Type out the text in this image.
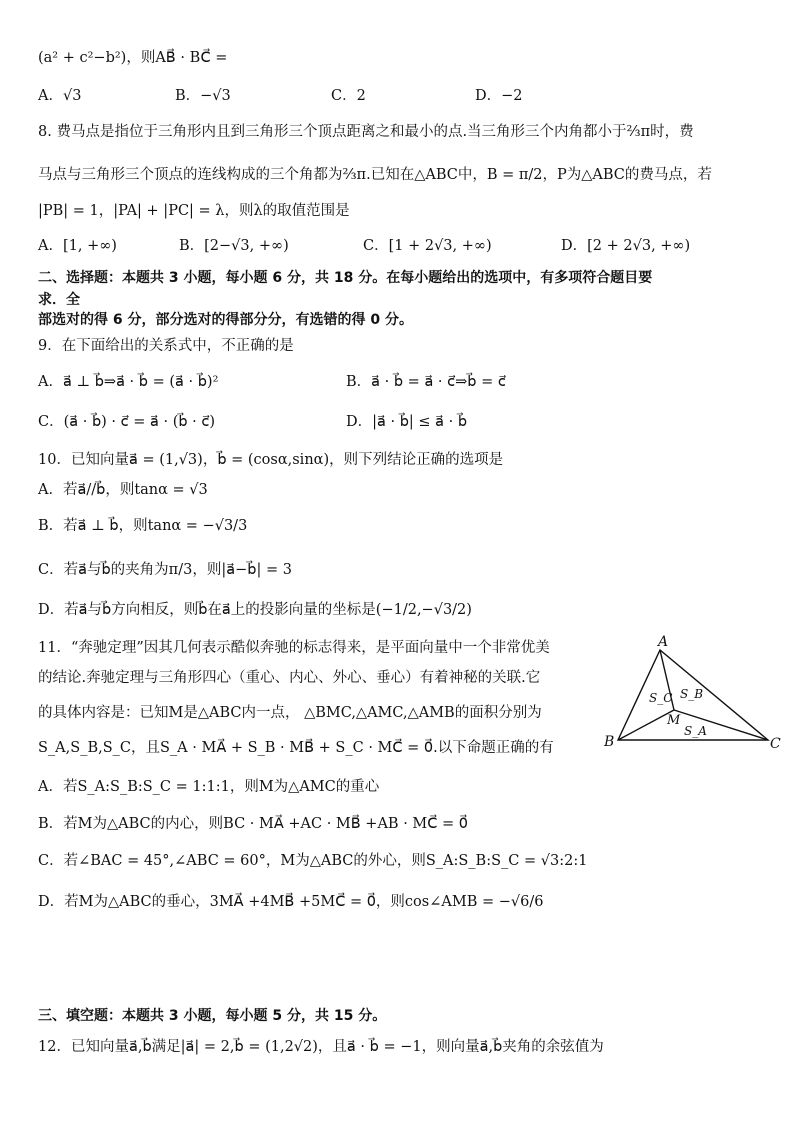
(a² + c²−b²)，则AB⃗ · BC⃗ =
A．√3	B．−√3	C．2	D．−2
8. 费马点是指位于三角形内且到三角形三个顶点距离之和最小的点.当三角形三个内角都小于⅔π时，费
马点与三角形三个顶点的连线构成的三个角都为⅔π.已知在△ABC中，B = π/2，P为△ABC的费马点，若
|PB| = 1，|PA| + |PC| = λ，则λ的取值范围是
A．[1, +∞)	B．[2−√3, +∞)	C．[1 + 2√3, +∞)	D．[2 + 2√3, +∞)
二、选择题：本题共 3 小题，每小题 6 分，共 18 分。在每小题给出的选项中，有多项符合题目要
求．全
部选对的得 6 分，部分选对的得部分分，有选错的得 0 分。
9．在下面给出的关系式中，不正确的是
A．a⃗ ⊥ b⃗⇒a⃗ · b⃗ = (a⃗ · b⃗)²	B．a⃗ · b⃗ = a⃗ · c⃗⇒b⃗ = c⃗
C．(a⃗ · b⃗) · c⃗ = a⃗ · (b⃗ · c⃗)	D．|a⃗ · b⃗| ≤ a⃗ · b⃗
10．已知向量a⃗ = (1,√3)，b⃗ = (cosα,sinα)，则下列结论正确的选项是
A．若a⃗//b⃗，则tanα = √3
B．若a⃗ ⊥ b⃗，则tanα = −√3/3
C．若a⃗与b⃗的夹角为π/3，则|a⃗−b⃗| = 3
D．若a⃗与b⃗方向相反，则b⃗在a⃗上的投影向量的坐标是(−1/2,−√3/2)
11．“奔驰定理”因其几何表示酷似奔驰的标志得来，是平面向量中一个非常优美
的结论.奔驰定理与三角形四心（重心、内心、外心、垂心）有着神秘的关联.它
的具体内容是：已知M是△ABC内一点， △BMC,△AMC,△AMB的面积分别为
S_A,S_B,S_C，且S_A · MA⃗ + S_B · MB⃗ + S_C · MC⃗ = 0⃗.以下命题正确的有
A．若S_A:S_B:S_C = 1:1:1，则M为△AMC的重心
B．若M为△ABC的内心，则BC · MA⃗ +AC · MB⃗ +AB · MC⃗ = 0⃗
C．若∠BAC = 45°,∠ABC = 60°，M为△ABC的外心，则S_A:S_B:S_C = √3:2:1
D．若M为△ABC的垂心，3MA⃗ +4MB⃗ +5MC⃗ = 0⃗，则cos∠AMB = −√6/6
A
B	C
M
S_C S_B
S_A
三、填空题：本题共 3 小题，每小题 5 分，共 15 分。
12．已知向量a⃗,b⃗满足|a⃗| = 2,b⃗ = (1,2√2)，且a⃗ · b⃗ = −1，则向量a⃗,b⃗夹角的余弦值为
